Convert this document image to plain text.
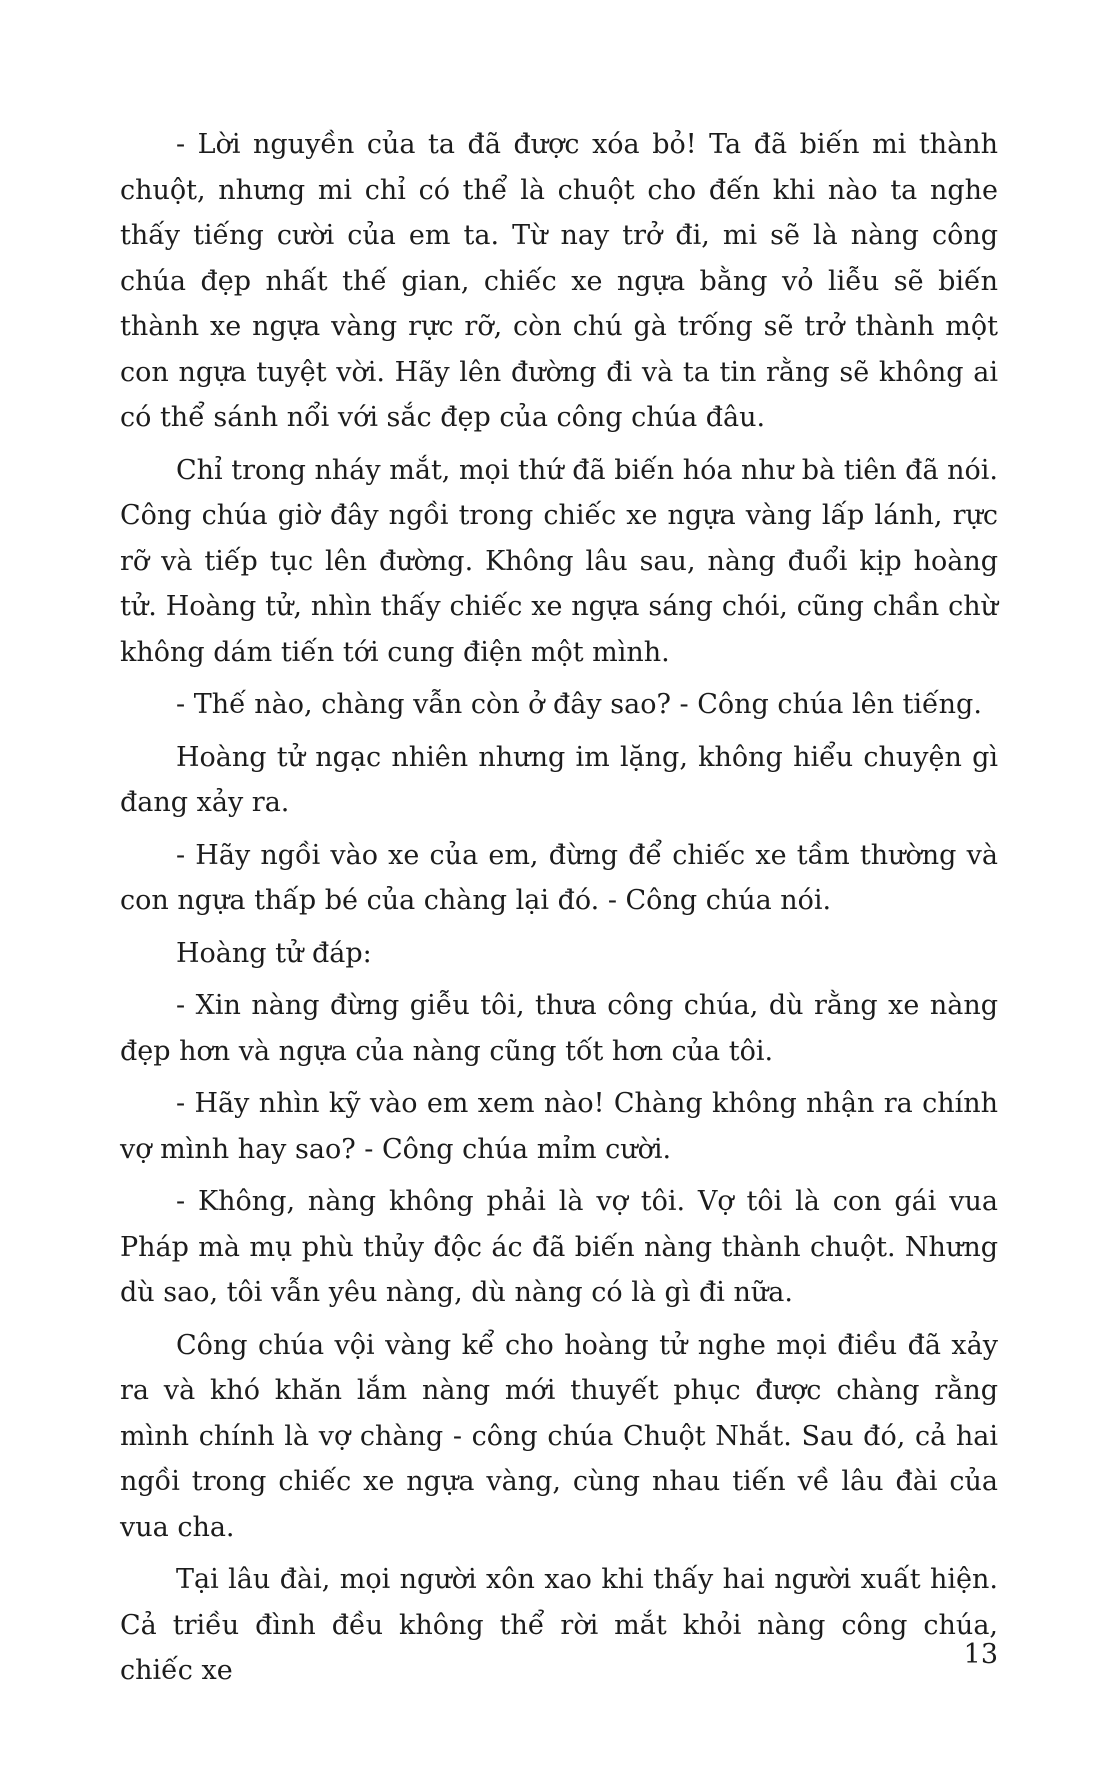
- Lời nguyền của ta đã được xóa bỏ! Ta đã biến mi thành chuột, nhưng mi chỉ có thể là chuột cho đến khi nào ta nghe thấy tiếng cười của em ta. Từ nay trở đi, mi sẽ là nàng công chúa đẹp nhất thế gian, chiếc xe ngựa bằng vỏ liễu sẽ biến thành xe ngựa vàng rực rỡ, còn chú gà trống sẽ trở thành một con ngựa tuyệt vời. Hãy lên đường đi và ta tin rằng sẽ không ai có thể sánh nổi với sắc đẹp của công chúa đâu.

Chỉ trong nháy mắt, mọi thứ đã biến hóa như bà tiên đã nói. Công chúa giờ đây ngồi trong chiếc xe ngựa vàng lấp lánh, rực rỡ và tiếp tục lên đường. Không lâu sau, nàng đuổi kịp hoàng tử. Hoàng tử, nhìn thấy chiếc xe ngựa sáng chói, cũng chần chừ không dám tiến tới cung điện một mình.

- Thế nào, chàng vẫn còn ở đây sao? - Công chúa lên tiếng.

Hoàng tử ngạc nhiên nhưng im lặng, không hiểu chuyện gì đang xảy ra.

- Hãy ngồi vào xe của em, đừng để chiếc xe tầm thường và con ngựa thấp bé của chàng lại đó. - Công chúa nói.

Hoàng tử đáp:

- Xin nàng đừng giễu tôi, thưa công chúa, dù rằng xe nàng đẹp hơn và ngựa của nàng cũng tốt hơn của tôi.

- Hãy nhìn kỹ vào em xem nào! Chàng không nhận ra chính vợ mình hay sao? - Công chúa mỉm cười.

- Không, nàng không phải là vợ tôi. Vợ tôi là con gái vua Pháp mà mụ phù thủy độc ác đã biến nàng thành chuột. Nhưng dù sao, tôi vẫn yêu nàng, dù nàng có là gì đi nữa.

Công chúa vội vàng kể cho hoàng tử nghe mọi điều đã xảy ra và khó khăn lắm nàng mới thuyết phục được chàng rằng mình chính là vợ chàng - công chúa Chuột Nhắt. Sau đó, cả hai ngồi trong chiếc xe ngựa vàng, cùng nhau tiến về lâu đài của vua cha.

Tại lâu đài, mọi người xôn xao khi thấy hai người xuất hiện. Cả triều đình đều không thể rời mắt khỏi nàng công chúa, chiếc xe

13
